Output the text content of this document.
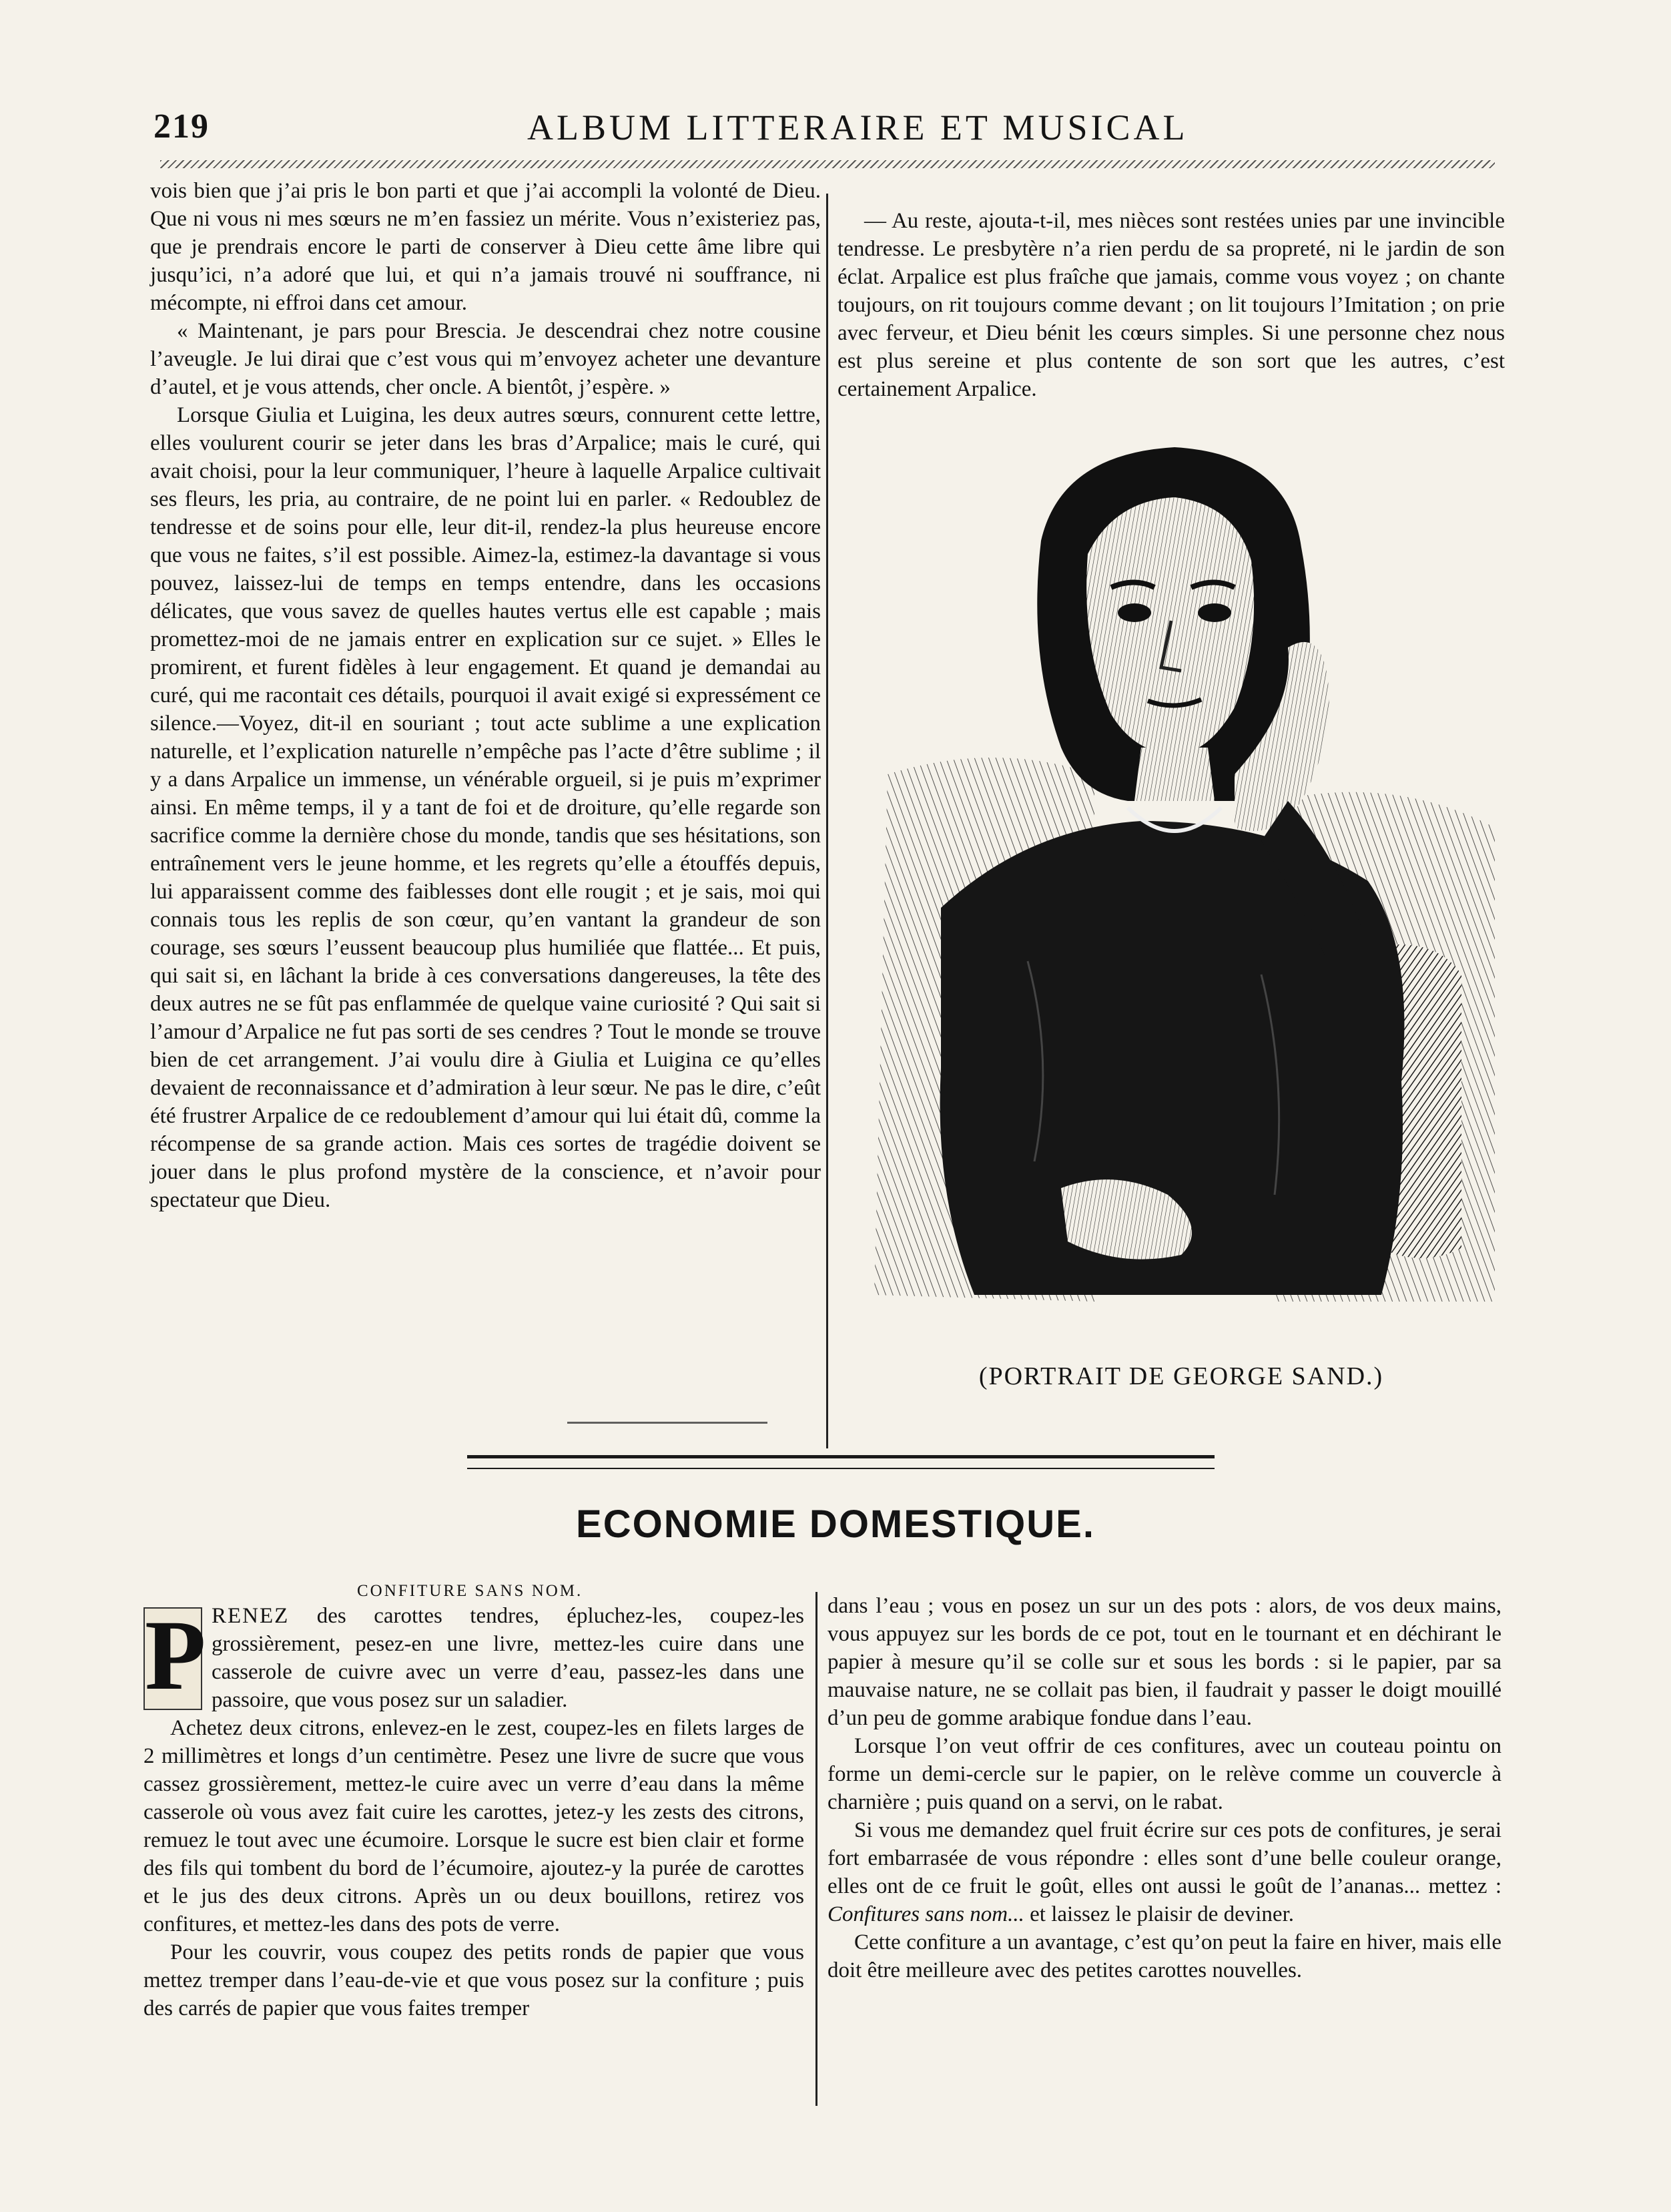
219	ALBUM LITTERAIRE ET MUSICAL

vois bien que j’ai pris le bon parti et que j’ai accompli la volonté de Dieu. Que ni vous ni mes sœurs ne m’en fassiez un mérite. Vous n’existeriez pas, que je prendrais encore le parti de conserver à Dieu cette âme libre qui jusqu’ici, n’a adoré que lui, et qui n’a jamais trouvé ni souffrance, ni mécompte, ni effroi dans cet amour.

« Maintenant, je pars pour Brescia. Je descendrai chez notre cousine l’aveugle. Je lui dirai que c’est vous qui m’envoyez acheter une devanture d’autel, et je vous attends, cher oncle. A bientôt, j’espère. »

Lorsque Giulia et Luigina, les deux autres sœurs, connurent cette lettre, elles voulurent courir se jeter dans les bras d’Arpalice; mais le curé, qui avait choisi, pour la leur communiquer, l’heure à laquelle Arpalice cultivait ses fleurs, les pria, au contraire, de ne point lui en parler. « Redoublez de tendresse et de soins pour elle, leur dit-il, rendez-la plus heureuse encore que vous ne faites, s’il est possible. Aimez-la, estimez-la davantage si vous pouvez, laissez-lui de temps en temps entendre, dans les occasions délicates, que vous savez de quelles hautes vertus elle est capable ; mais promettez-moi de ne jamais entrer en explication sur ce sujet. » Elles le promirent, et furent fidèles à leur engagement. Et quand je demandai au curé, qui me racontait ces détails, pourquoi il avait exigé si expressément ce silence.—Voyez, dit-il en souriant ; tout acte sublime a une explication naturelle, et l’explication naturelle n’empêche pas l’acte d’être sublime ; il y a dans Arpalice un immense, un vénérable orgueil, si je puis m’exprimer ainsi. En même temps, il y a tant de foi et de droiture, qu’elle regarde son sacrifice comme la dernière chose du monde, tandis que ses hésitations, son entraînement vers le jeune homme, et les regrets qu’elle a étouffés depuis, lui apparaissent comme des faiblesses dont elle rougit ; et je sais, moi qui connais tous les replis de son cœur, qu’en vantant la grandeur de son courage, ses sœurs l’eussent beaucoup plus humiliée que flattée... Et puis, qui sait si, en lâchant la bride à ces conversations dangereuses, la tête des deux autres ne se fût pas enflammée de quelque vaine curiosité ? Qui sait si l’amour d’Arpalice ne fut pas sorti de ses cendres ? Tout le monde se trouve bien de cet arrangement. J’ai voulu dire à Giulia et Luigina ce qu’elles devaient de reconnaissance et d’admiration à leur sœur. Ne pas le dire, c’eût été frustrer Arpalice de ce redoublement d’amour qui lui était dû, comme la récompense de sa grande action. Mais ces sortes de tragédie doivent se jouer dans le plus profond mystère de la conscience, et n’avoir pour spectateur que Dieu.

— Au reste, ajouta-t-il, mes nièces sont restées unies par une invincible tendresse. Le presbytère n’a rien perdu de sa propreté, ni le jardin de son éclat. Arpalice est plus fraîche que jamais, comme vous voyez ; on chante toujours, on rit toujours comme devant ; on lit toujours l’Imitation ; on prie avec ferveur, et Dieu bénit les cœurs simples. Si une personne chez nous est plus sereine et plus contente de son sort que les autres, c’est certainement Arpalice.

(PORTRAIT DE GEORGE SAND.)
ECONOMIE DOMESTIQUE.
CONFITURE SANS NOM.

P RENEZ des carottes tendres, épluchez-les, coupez-les grossièrement, pesez-en une livre, mettez-les cuire dans une casserole de cuivre avec un verre d’eau, passez-les dans une passoire, que vous posez sur un saladier.

Achetez deux citrons, enlevez-en le zest, coupez-les en filets larges de 2 millimètres et longs d’un centimètre. Pesez une livre de sucre que vous cassez grossièrement, mettez-le cuire avec un verre d’eau dans la même casserole où vous avez fait cuire les carottes, jetez-y les zests des citrons, remuez le tout avec une écumoire. Lorsque le sucre est bien clair et forme des fils qui tombent du bord de l’écumoire, ajoutez-y la purée de carottes et le jus des deux citrons. Après un ou deux bouillons, retirez vos confitures, et mettez-les dans des pots de verre.

Pour les couvrir, vous coupez des petits ronds de papier que vous mettez tremper dans l’eau-de-vie et que vous posez sur la confiture ; puis des carrés de papier que vous faites tremper

dans l’eau ; vous en posez un sur un des pots : alors, de vos deux mains, vous appuyez sur les bords de ce pot, tout en le tournant et en déchirant le papier à mesure qu’il se colle sur et sous les bords : si le papier, par sa mauvaise nature, ne se collait pas bien, il faudrait y passer le doigt mouillé d’un peu de gomme arabique fondue dans l’eau.

Lorsque l’on veut offrir de ces confitures, avec un couteau pointu on forme un demi-cercle sur le papier, on le relève comme un couvercle à charnière ; puis quand on a servi, on le rabat.

Si vous me demandez quel fruit écrire sur ces pots de confitures, je serai fort embarrasée de vous répondre : elles sont d’une belle couleur orange, elles ont de ce fruit le goût, elles ont aussi le goût de l’ananas... mettez : Confitures sans nom... et laissez le plaisir de deviner.

Cette confiture a un avantage, c’est qu’on peut la faire en hiver, mais elle doit être meilleure avec des petites carottes nouvelles.
